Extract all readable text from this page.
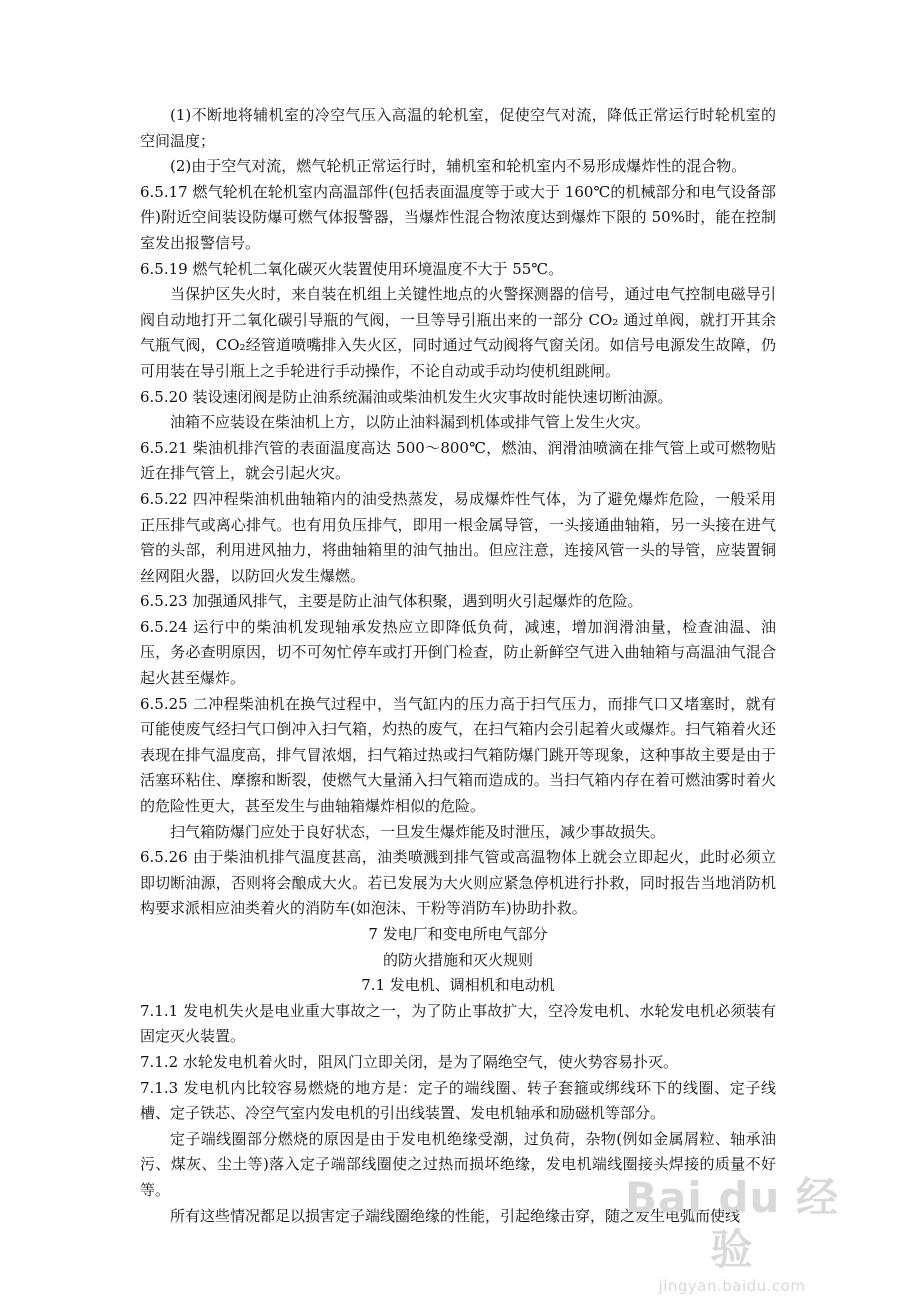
(1)不断地将辅机室的冷空气压入高温的轮机室，促使空气对流，降低正常运行时轮机室的空间温度；

(2)由于空气对流，燃气轮机正常运行时，辅机室和轮机室内不易形成爆炸性的混合物。

6.5.17 燃气轮机在轮机室内高温部件(包括表面温度等于或大于 160℃的机械部分和电气设备部件)附近空间装设防爆可燃气体报警器，当爆炸性混合物浓度达到爆炸下限的 50%时，能在控制室发出报警信号。

6.5.19 燃气轮机二氧化碳灭火装置使用环境温度不大于 55℃。

当保护区失火时，来自装在机组上关键性地点的火警探测器的信号，通过电气控制电磁导引阀自动地打开二氧化碳引导瓶的气阀，一旦等导引瓶出来的一部分 CO₂ 通过单阀，就打开其余气瓶气阀，CO₂经管道喷嘴排入失火区，同时通过气动阀将气窗关闭。如信号电源发生故障，仍可用装在导引瓶上之手轮进行手动操作，不论自动或手动均使机组跳闸。

6.5.20 装设速闭阀是防止油系统漏油或柴油机发生火灾事故时能快速切断油源。

油箱不应装设在柴油机上方，以防止油料漏到机体或排气管上发生火灾。

6.5.21 柴油机排汽管的表面温度高达 500～800℃，燃油、润滑油喷滴在排气管上或可燃物贴近在排气管上，就会引起火灾。

6.5.22 四冲程柴油机曲轴箱内的油受热蒸发，易成爆炸性气体，为了避免爆炸危险，一般采用正压排气或离心排气。也有用负压排气，即用一根金属导管，一头接通曲轴箱，另一头接在进气管的头部，利用进风抽力，将曲轴箱里的油气抽出。但应注意，连接风管一头的导管，应装置铜丝网阻火器，以防回火发生爆燃。

6.5.23 加强通风排气，主要是防止油气体积聚，遇到明火引起爆炸的危险。

6.5.24 运行中的柴油机发现轴承发热应立即降低负荷，减速，增加润滑油量，检查油温、油压，务必查明原因，切不可匆忙停车或打开倒门检查，防止新鲜空气进入曲轴箱与高温油气混合起火甚至爆炸。

6.5.25 二冲程柴油机在换气过程中，当气缸内的压力高于扫气压力，而排气口又堵塞时，就有可能使废气经扫气口倒冲入扫气箱，灼热的废气，在扫气箱内会引起着火或爆炸。扫气箱着火还表现在排气温度高，排气冒浓烟，扫气箱过热或扫气箱防爆门跳开等现象，这种事故主要是由于活塞环粘住、摩擦和断裂，使燃气大量涌入扫气箱而造成的。当扫气箱内存在着可燃油雾时着火的危险性更大，甚至发生与曲轴箱爆炸相似的危险。

扫气箱防爆门应处于良好状态，一旦发生爆炸能及时泄压，减少事故损失。

6.5.26 由于柴油机排气温度甚高，油类喷溅到排气管或高温物体上就会立即起火，此时必须立即切断油源，否则将会酿成大火。若已发展为大火则应紧急停机进行扑救，同时报告当地消防机构要求派相应油类着火的消防车(如泡沫、干粉等消防车)协助扑救。

7 发电厂和变电所电气部分

的防火措施和灭火规则

7.1 发电机、调相机和电动机

7.1.1 发电机失火是电业重大事故之一，为了防止事故扩大，空冷发电机、水轮发电机必须装有固定灭火装置。

7.1.2 水轮发电机着火时，阻风门立即关闭，是为了隔绝空气，使火势容易扑灭。

7.1.3 发电机内比较容易燃烧的地方是：定子的端线圈、转子套箍或绑线环下的线圈、定子线槽、定子铁芯、冷空气室内发电机的引出线装置、发电机轴承和励磁机等部分。

定子端线圈部分燃烧的原因是由于发电机绝缘受潮，过负荷，杂物(例如金属屑粒、轴承油污、煤灰、尘土等)落入定子端部线圈使之过热而损坏绝缘，发电机端线圈接头焊接的质量不好等。

所有这些情况都足以损害定子端线圈绝缘的性能，引起绝缘击穿，随之发生电弧而使线

Bai du 经验
jingyan.baidu.com
